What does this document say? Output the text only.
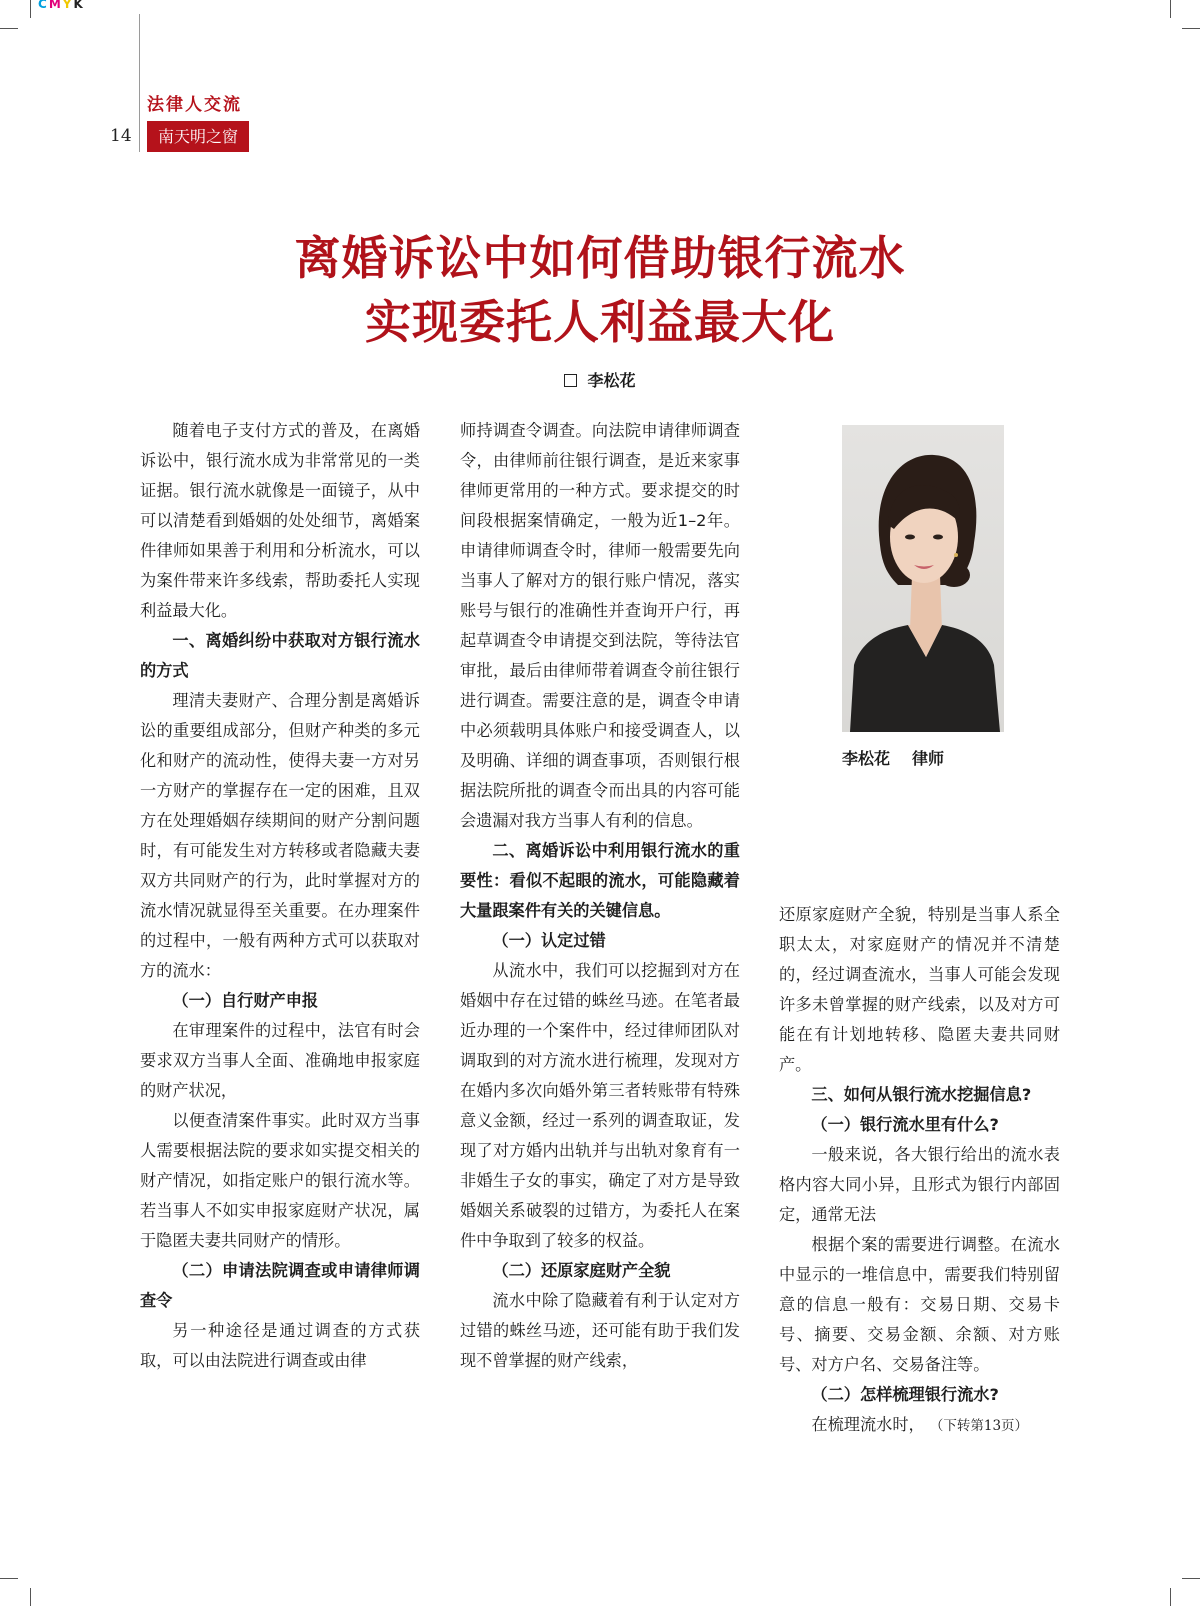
CMYK
法律人交流
14	南天明之窗
离婚诉讼中如何借助银行流水
实现委托人利益最大化
李松花

随着电子支付方式的普及，在离婚诉讼中，银行流水成为非常常见的一类证据。银行流水就像是一面镜子，从中可以清楚看到婚姻的处处细节，离婚案件律师如果善于利用和分析流水，可以为案件带来许多线索，帮助委托人实现利益最大化。

一、离婚纠纷中获取对方银行流水的方式

理清夫妻财产、合理分割是离婚诉讼的重要组成部分，但财产种类的多元化和财产的流动性，使得夫妻一方对另一方财产的掌握存在一定的困难，且双方在处理婚姻存续期间的财产分割问题时，有可能发生对方转移或者隐藏夫妻双方共同财产的行为，此时掌握对方的流水情况就显得至关重要。在办理案件的过程中，一般有两种方式可以获取对方的流水：

（一）自行财产申报

在审理案件的过程中，法官有时会要求双方当事人全面、准确地申报家庭的财产状况，

以便查清案件事实。此时双方当事人需要根据法院的要求如实提交相关的财产情况，如指定账户的银行流水等。若当事人不如实申报家庭财产状况，属于隐匿夫妻共同财产的情形。

（二）申请法院调查或申请律师调查令

另一种途径是通过调查的方式获取，可以由法院进行调查或由律

师持调查令调查。向法院申请律师调查令，由律师前往银行调查，是近来家事律师更常用的一种方式。要求提交的时间段根据案情确定，一般为近1–2年。申请律师调查令时，律师一般需要先向当事人了解对方的银行账户情况，落实账号与银行的准确性并查询开户行，再起草调查令申请提交到法院，等待法官审批，最后由律师带着调查令前往银行进行调查。需要注意的是，调查令申请中必须载明具体账户和接受调查人，以及明确、详细的调查事项，否则银行根据法院所批的调查令而出具的内容可能会遗漏对我方当事人有利的信息。

二、离婚诉讼中利用银行流水的重要性：看似不起眼的流水，可能隐藏着大量跟案件有关的关键信息。

（一）认定过错

从流水中，我们可以挖掘到对方在婚姻中存在过错的蛛丝马迹。在笔者最近办理的一个案件中，经过律师团队对调取到的对方流水进行梳理，发现对方在婚内多次向婚外第三者转账带有特殊意义金额，经过一系列的调查取证，发现了对方婚内出轨并与出轨对象育有一非婚生子女的事实，确定了对方是导致婚姻关系破裂的过错方，为委托人在案件中争取到了较多的权益。

（二）还原家庭财产全貌

流水中除了隐藏着有利于认定对方过错的蛛丝马迹，还可能有助于我们发现不曾掌握的财产线索，

李松花 律师

还原家庭财产全貌，特别是当事人系全职太太，对家庭财产的情况并不清楚的，经过调查流水，当事人可能会发现许多未曾掌握的财产线索，以及对方可能在有计划地转移、隐匿夫妻共同财产。

三、如何从银行流水挖掘信息?

（一）银行流水里有什么?

一般来说，各大银行给出的流水表格内容大同小异，且形式为银行内部固定，通常无法

根据个案的需要进行调整。在流水中显示的一堆信息中，需要我们特别留意的信息一般有：交易日期、交易卡号、摘要、交易金额、余额、对方账号、对方户名、交易备注等。

（二）怎样梳理银行流水?

在梳理流水时， （下转第13页）
